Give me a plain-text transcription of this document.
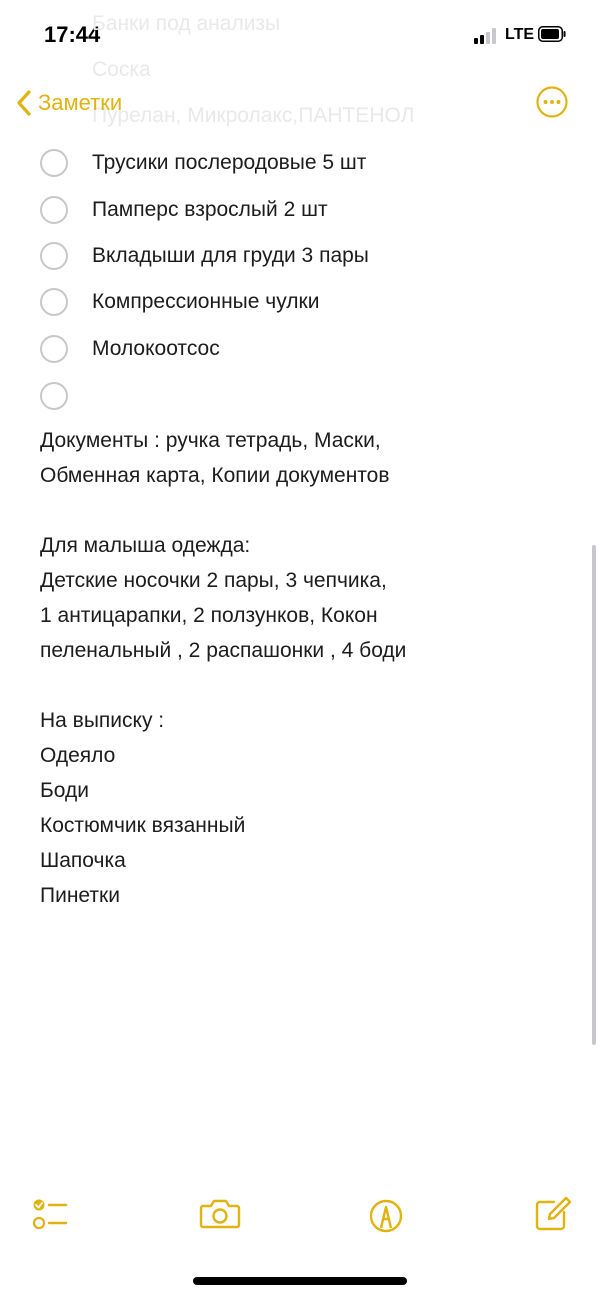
17:44	LTE
Банки под анализы
Соска
Пурелан, Микролакс,ПАНТЕНОЛ
Заметки
Трусики послеродовые 5 шт
Памперс взрослый 2 шт
Вкладыши для груди 3 пары
Компрессионные чулки
Молокоотсос
Документы : ручка тетрадь, Маски,
Обменная карта, Копии документов

Для малыша одежда:
Детские носочки 2 пары, 3 чепчика,
1 антицарапки, 2 ползунков, Кокон
пеленальный , 2 распашонки , 4 боди

На выписку :
Одеяло
Боди
Костюмчик вязанный
Шапочка
Пинетки
